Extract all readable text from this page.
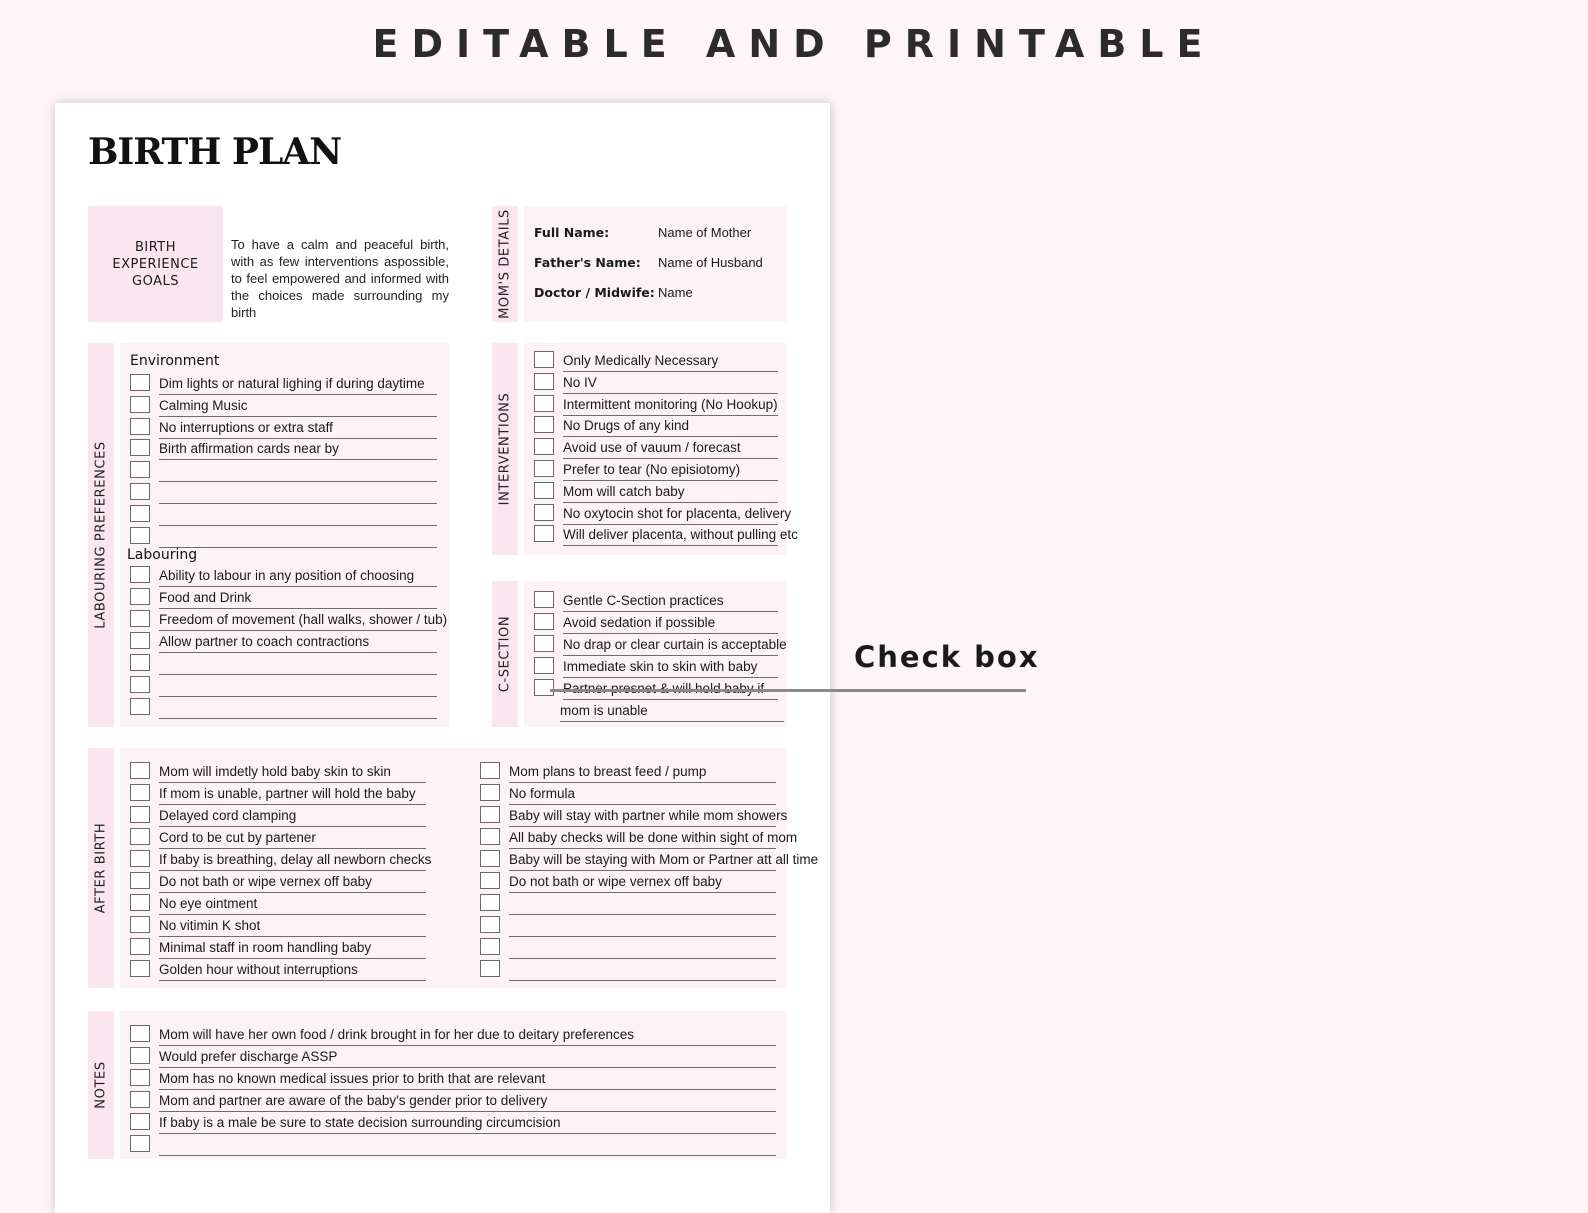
EDITABLE AND PRINTABLE
BIRTH PLAN
BIRTH EXPERIENCE GOALS
To have a calm and peaceful birth, with as few interventions aspossible, to feel empowered and informed with the choices made surrounding my birth	MOM'S DETAILS Full Name:	Name of Mother
Father's Name: Name of Husband
Doctor / Midwife: Name
LABOURING PREFERENCES
Environment
Labouring
Dim lights or natural lighing if during daytime
Calming Music
No interruptions or extra staff
Birth affirmation cards near by
Ability to labour in any position of choosing
Food and Drink
Freedom of movement (hall walks, shower / tub)
Allow partner to coach contractions
INTERVENTIONS
Only Medically Necessary
No IV
Intermittent monitoring (No Hookup)
No Drugs of any kind
Avoid use of vauum / forecast
Prefer to tear (No episiotomy)
Mom will catch baby
No oxytocin shot for placenta, delivery
Will deliver placenta, without pulling etc
C-SECTION
Gentle C-Section practices
Avoid sedation if possible
No drap or clear curtain is acceptable
Immediate skin to skin with baby
mom is unable
AFTER BIRTH
Mom will imdetly hold baby skin to skin
If mom is unable, partner will hold the baby
Delayed cord clamping
Cord to be cut by partener
If baby is breathing, delay all newborn checks
Do not bath or wipe vernex off baby
No eye ointment
No vitimin K shot
Minimal staff in room handling baby
Golden hour without interruptions
Mom plans to breast feed / pump
No formula
Baby will stay with partner while mom showers
All baby checks will be done within sight of mom
Baby will be staying with Mom or Partner att all time
Do not bath or wipe vernex off baby
NOTES
Mom will have her own food / drink brought in for her due to deitary preferences
Would prefer discharge ASSP
Mom has no known medical issues prior to brith that are relevant
Mom and partner are aware of the baby's gender prior to delivery
If baby is a male be sure to state decision surrounding circumcision
Check box
